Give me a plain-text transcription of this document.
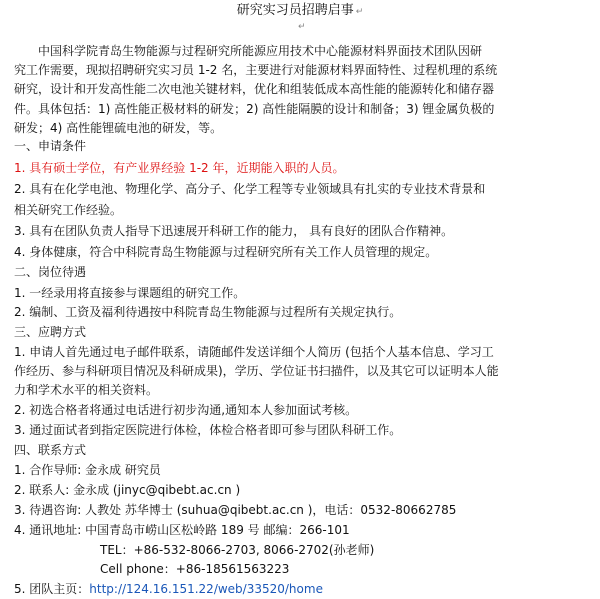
研究实习员招聘启事 ↵
↵
　　中国科学院青岛生物能源与过程研究所能源应用技术中心能源材料界面技术团队因研
究工作需要，现拟招聘研究实习员 1-2 名，主要进行对能源材料界面特性、过程机理的系统
研究，设计和开发高性能二次电池关键材料，优化和组装低成本高性能的能源转化和储存器
件。具体包括：1) 高性能正极材料的研发；2) 高性能隔膜的设计和制备；3) 锂金属负极的
研发；4) 高性能锂硫电池的研发，等。
一、申请条件
1. 具有硕士学位，有产业界经验 1-2 年，近期能入职的人员。
2. 具有在化学电池、物理化学、高分子、化学工程等专业领域具有扎实的专业技术背景和
相关研究工作经验。
3. 具有在团队负责人指导下迅速展开科研工作的能力， 具有良好的团队合作精神。
4. 身体健康，符合中科院青岛生物能源与过程研究所有关工作人员管理的规定。
二、岗位待遇
1. 一经录用将直接参与课题组的研究工作。
2. 编制、工资及福利待遇按中科院青岛生物能源与过程所有关规定执行。
三、应聘方式
1. 申请人首先通过电子邮件联系，请随邮件发送详细个人简历 (包括个人基本信息、学习工
作经历、参与科研项目情况及科研成果)，学历、学位证书扫描件，以及其它可以证明本人能
力和学术水平的相关资料。
2. 初选合格者将通过电话进行初步沟通,通知本人参加面试考核。
3. 通过面试者到指定医院进行体检，体检合格者即可参与团队科研工作。
四、联系方式
1. 合作导师: 金永成 研究员
2. 联系人: 金永成 (jinyc@qibebt.ac.cn )
3. 待遇咨询: 人教处 苏华博士 (suhua@qibebt.ac.cn )，电话：0532-80662785
4. 通讯地址: 中国青岛市崂山区松岭路 189 号 邮编：266-101
TEL：+86-532-8066-2703, 8066-2702(孙老师)
Cell phone：+86-18561563223
5. 团队主页：http://124.16.151.22/web/33520/home
